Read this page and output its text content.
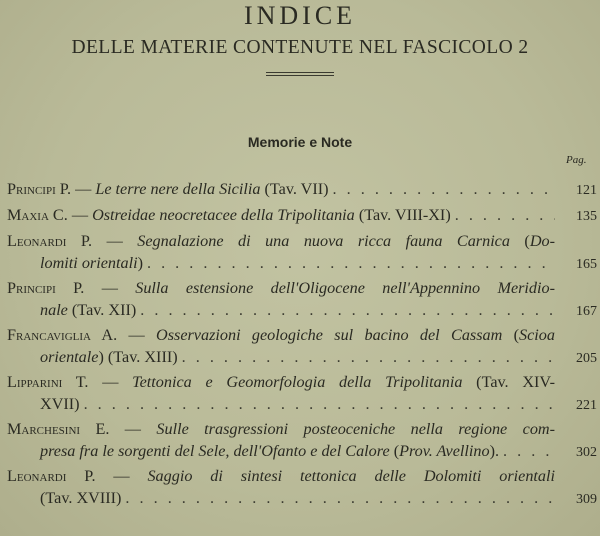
INDICE
DELLE MATERIE CONTENUTE NEL FASCICOLO 2
Memorie e Note
Pag.
Principi P. — Le terre nere della Sicilia (Tav. VII) . . .	121
Maxia C. — Ostreidae neocretacee della Tripolitania (Tav. VIII-XI) . . .	135
Leonardi P. — Segnalazione di una nuova ricca fauna Carnica (Do-
lomiti orientali) . . .	165
Principi P. — Sulla estensione dell'Oligocene nell'Appennino Meridio-
nale (Tav. XII) . . .	167
Francaviglia A. — Osservazioni geologiche sul bacino del Cassam (Scioa
orientale) (Tav. XIII) . . .	205
Lipparini T. — Tettonica e Geomorfologia della Tripolitania (Tav. XIV-
XVII) . . .	221
Marchesini E. — Sulle trasgressioni posteoceniche nella regione com-
presa fra le sorgenti del Sele, dell'Ofanto e del Calore (Prov. Avellino). . . .	302
Leonardi P. — Saggio di sintesi tettonica delle Dolomiti orientali
(Tav. XVIII) . . .	309
